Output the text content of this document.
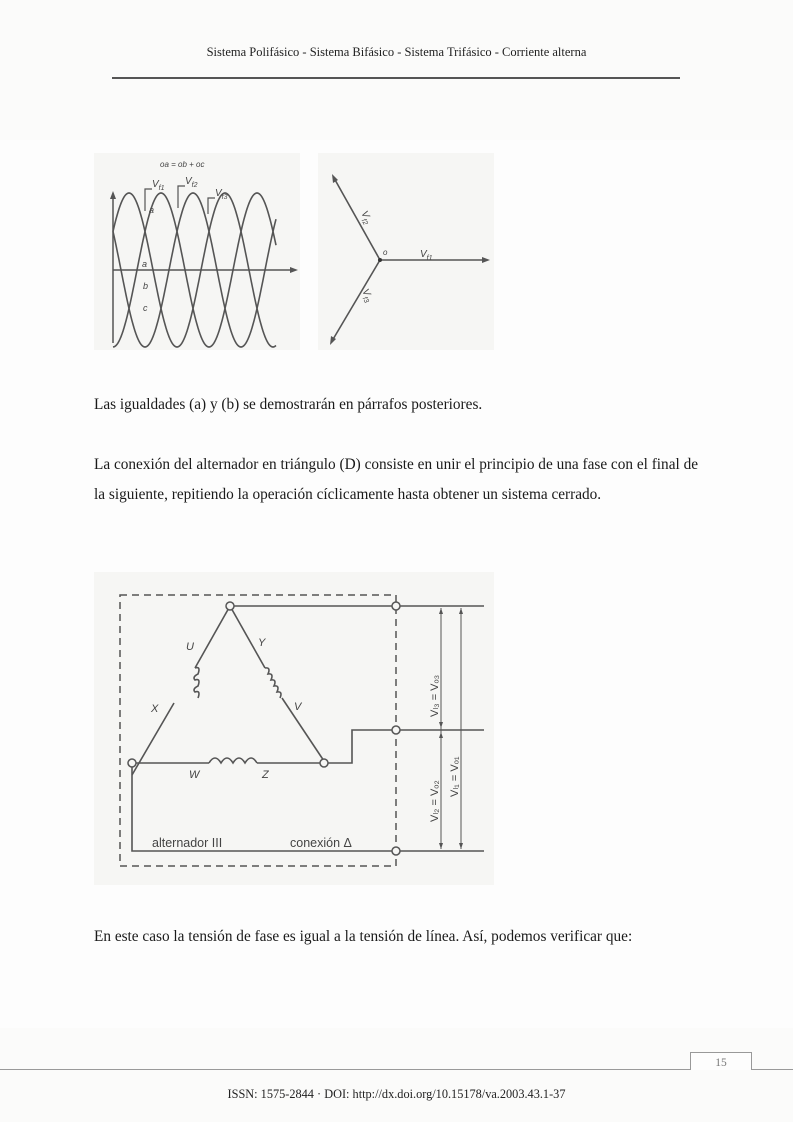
Sistema Polifásico - Sistema Bifásico - Sistema Trifásico - Corriente alterna
oa = ob + oc
$V_{f1}$
$V_{f2}$
$V_{f3}$
a
a
b
c
o	$V_{f1}$
$V_{f2}$
$V_{f3}$
Las igualdades (a) y (b) se demostrarán en párrafos posteriores.
La conexión del alternador en triángulo (D) consiste en unir el principio de una fase con el final de la siguiente, repitiendo la operación cíclicamente hasta obtener un sistema cerrado.
U
X
Y
V
W	Z
alternador III	conexión Δ
Vₗ₃ = Vₒ₃
Vₗ₂ = Vₒ₂
Vₗ₁ = Vₒ₁
En este caso la tensión de fase es igual a la tensión de línea. Así, podemos verificar que:
15
ISSN: 1575-2844 · DOI: http://dx.doi.org/10.15178/va.2003.43.1-37
